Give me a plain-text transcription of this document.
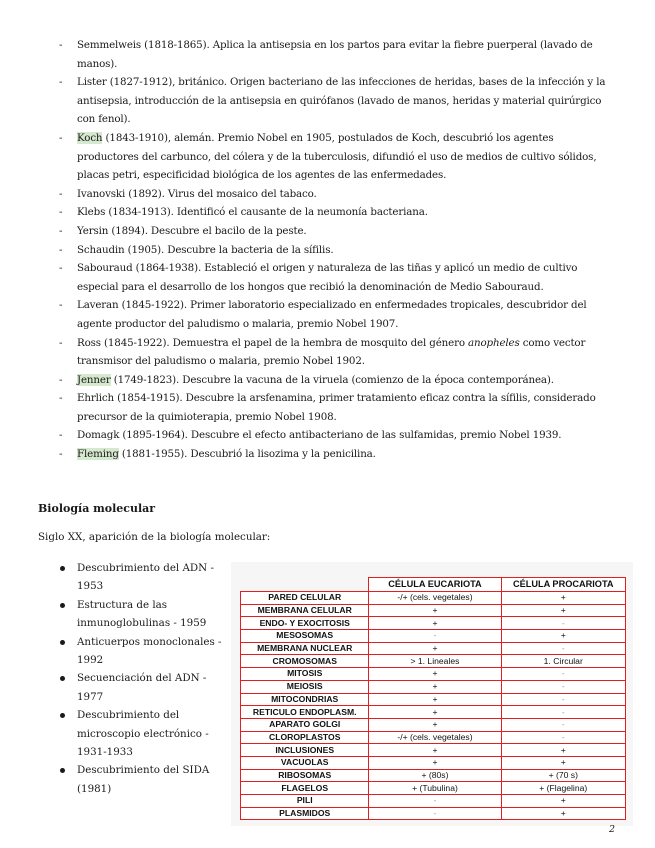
- Semmelweis (1818-1865). Aplica la antisepsia en los partos para evitar la fiebre puerperal (lavado de manos).
- Lister (1827-1912), británico. Origen bacteriano de las infecciones de heridas, bases de la infección y la antisepsia, introducción de la antisepsia en quirófanos (lavado de manos, heridas y material quirúrgico con fenol).
- Koch (1843-1910), alemán. Premio Nobel en 1905, postulados de Koch, descubrió los agentes productores del carbunco, del cólera y de la tuberculosis, difundió el uso de medios de cultivo sólidos, placas petri, especificidad biológica de los agentes de las enfermedades.
- Ivanovski (1892). Virus del mosaico del tabaco.
- Klebs (1834-1913). Identificó el causante de la neumonía bacteriana.
- Yersin (1894). Descubre el bacilo de la peste.
- Schaudin (1905). Descubre la bacteria de la sífilis.
- Sabouraud (1864-1938). Estableció el origen y naturaleza de las tiñas y aplicó un medio de cultivo especial para el desarrollo de los hongos que recibió la denominación de Medio Sabouraud.
- Laveran (1845-1922). Primer laboratorio especializado en enfermedades tropicales, descubridor del agente productor del paludismo o malaria, premio Nobel 1907.
- Ross (1845-1922). Demuestra el papel de la hembra de mosquito del género anopheles como vector transmisor del paludismo o malaria, premio Nobel 1902.
- Jenner (1749-1823). Descubre la vacuna de la viruela (comienzo de la época contemporánea).
- Ehrlich (1854-1915). Descubre la arsfenamina, primer tratamiento eficaz contra la sífilis, considerado precursor de la quimioterapia, premio Nobel 1908.
- Domagk (1895-1964). Descubre el efecto antibacteriano de las sulfamidas, premio Nobel 1939.
- Fleming (1881-1955). Descubrió la lisozima y la penicilina.
Biología molecular
Siglo XX, aparición de la biología molecular:
Descubrimiento del ADN - 1953
Estructura de las inmunoglobulinas - 1959
Anticuerpos monoclonales - 1992
Secuenciación del ADN - 1977
Descubrimiento del microscopio electrónico - 1931-1933
Descubrimiento del SIDA (1981)
	CÉLULA EUCARIOTA	CÉLULA PROCARIOTA
PARED CELULAR	-/+ (cels. vegetales)	+
MEMBRANA CELULAR	+	+
ENDO- Y EXOCITOSIS	+	-
MESOSOMAS	-	+
MEMBRANA NUCLEAR	+	-
CROMOSOMAS	> 1. Lineales	1. Circular
MITOSIS	+	-
MEIOSIS	+	-
MITOCONDRIAS	+	-
RETICULO ENDOPLASM.	+	-
APARATO GOLGI	+	-
CLOROPLASTOS	-/+ (cels. vegetales)	-
INCLUSIONES	+	+
VACUOLAS	+	+
RIBOSOMAS	+ (80s)	+ (70 s)
FLAGELOS	+ (Tubulina)	+ (Flagelina)
PILI	-	+
PLASMIDOS	-	+
2
